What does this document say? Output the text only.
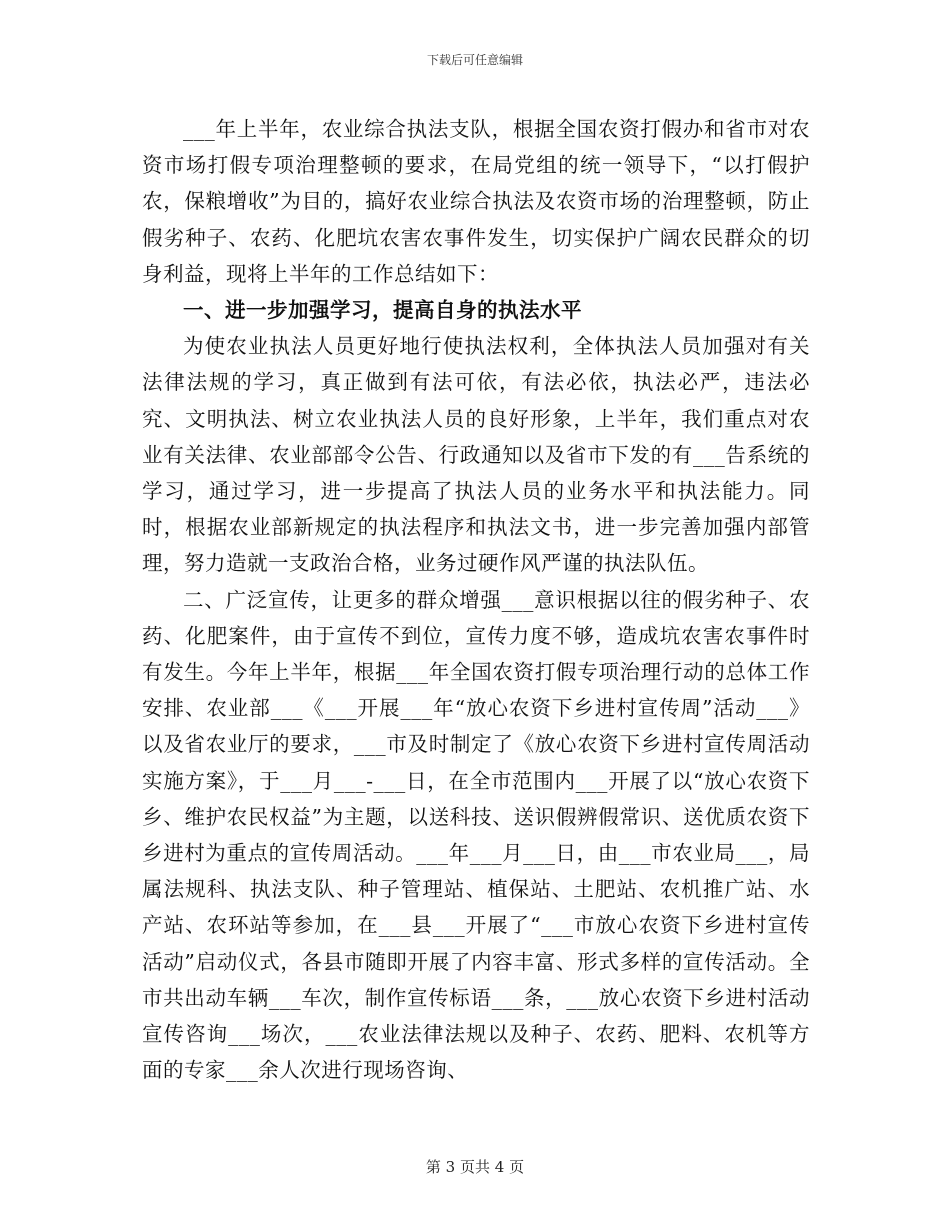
下载后可任意编辑

___年上半年，农业综合执法支队，根据全国农资打假办和省市对农资市场打假专项治理整顿的要求，在局党组的统一领导下，“以打假护农，保粮增收”为目的，搞好农业综合执法及农资市场的治理整顿，防止假劣种子、农药、化肥坑农害农事件发生，切实保护广阔农民群众的切身利益，现将上半年的工作总结如下：

一、进一步加强学习，提高自身的执法水平

为使农业执法人员更好地行使执法权利，全体执法人员加强对有关法律法规的学习，真正做到有法可依，有法必依，执法必严，违法必究、文明执法、树立农业执法人员的良好形象，上半年，我们重点对农业有关法律、农业部部令公告、行政通知以及省市下发的有___告系统的学习，通过学习，进一步提高了执法人员的业务水平和执法能力。同时，根据农业部新规定的执法程序和执法文书，进一步完善加强内部管理，努力造就一支政治合格，业务过硬作风严谨的执法队伍。

二、广泛宣传，让更多的群众增强___意识根据以往的假劣种子、农药、化肥案件，由于宣传不到位，宣传力度不够，造成坑农害农事件时有发生。今年上半年，根据___年全国农资打假专项治理行动的总体工作安排、农业部___《___开展___年“放心农资下乡进村宣传周”活动___》以及省农业厅的要求，___市及时制定了《放心农资下乡进村宣传周活动实施方案》，于___月___-___日，在全市范围内___开展了以“放心农资下乡、维护农民权益”为主题，以送科技、送识假辨假常识、送优质农资下乡进村为重点的宣传周活动。___年___月___日，由___市农业局___，局属法规科、执法支队、种子管理站、植保站、土肥站、农机推广站、水产站、农环站等参加，在___县___开展了“___市放心农资下乡进村宣传活动”启动仪式，各县市随即开展了内容丰富、形式多样的宣传活动。全市共出动车辆___车次，制作宣传标语___条，___放心农资下乡进村活动宣传咨询___场次，___农业法律法规以及种子、农药、肥料、农机等方面的专家___余人次进行现场咨询、

第 3 页共 4 页
